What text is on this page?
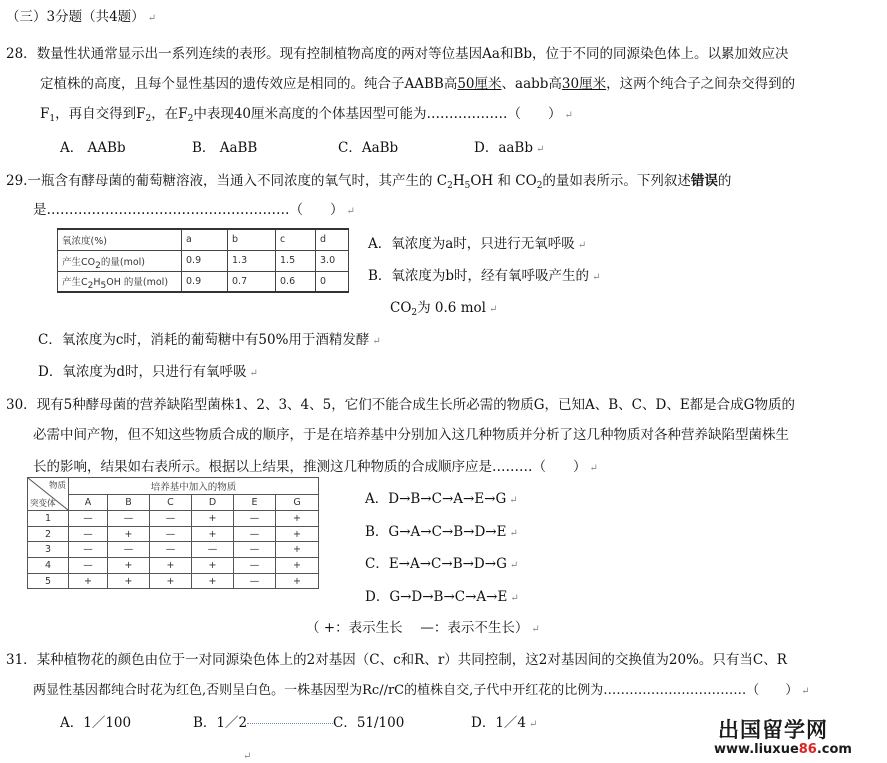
（三）3分题（共4题） ↵
28．数量性状通常显示出一系列连续的表形。现有控制植物高度的两对等位基因Aa和Bb，位于不同的同源染色体上。以累加效应决
定植株的高度，且每个显性基因的遗传效应是相同的。纯合子AABB高50厘米、aabb高30厘米，这两个纯合子之间杂交得到的
$F_1$，再自交得到$F_2$，在$F_2$中表现40厘米高度的个体基因型可能为………………（　　） ↵
A． AABb	B． AaBB	C．AaBb	D．aaBb ↵
29.一瓶含有酵母菌的葡萄糖溶液，当通入不同浓度的氧气时，其产生的 $C_2H_5OH$ 和 $CO_2$的量如表所示。下列叙述错误的
是………………………………………………（　　） ↵
氧浓度(%)	a	b	c	d
产生$CO_2$的量(mol)	0.9	1.3	1.5	3.0
产生$C_2H_5OH$ 的量(mol)	0.9	0.7	0.6	0
A．氧浓度为a时，只进行无氧呼吸 ↵
B．氧浓度为b时，经有氧呼吸产生的 ↵
$CO_2$为 0.6 mol ↵
C．氧浓度为c时，消耗的葡萄糖中有50%用于酒精发酵 ↵
D．氧浓度为d时，只进行有氧呼吸 ↵
30．现有5种酵母菌的营养缺陷型菌株1、2、3、4、5，它们不能合成生长所必需的物质G，已知A、B、C、D、E都是合成G物质的
必需中间产物，但不知这些物质合成的顺序，于是在培养基中分别加入这几种物质并分析了这几种物质对各种营养缺陷型菌株生
长的影响，结果如右表所示。根据以上结果，推测这几种物质的合成顺序应是………（　　） ↵
物质
突变体	培养基中加入的物质					
	A	B	C	D	E	G
1	—	—	—	+	—	+
2	—	+	—	+	—	+
3	—	—	—	—	—	+
4	—	+	+	+	—	+
5	+	+	+	+	—	+
A．D→B→C→A→E→G ↵
B．G→A→C→B→D→E ↵
C．E→A→C→B→D→G ↵
D．G→D→B→C→A→E ↵
（ +：表示生长　 —：表示不生长） ↵
31．某种植物花的颜色由位于一对同源染色体上的2对基因（C、c和R、r）共同控制，这2对基因间的交换值为20%。只有当C、R
两显性基因都纯合时花为红色,否则呈白色。一株基因型为Rc//rC的植株自交,子代中开红花的比例为……………………………（　　） ↵
A．1／100	B．1／2	C．51/100	D．1／4 ↵
↵
出国留学网
www.liuxue86.com
